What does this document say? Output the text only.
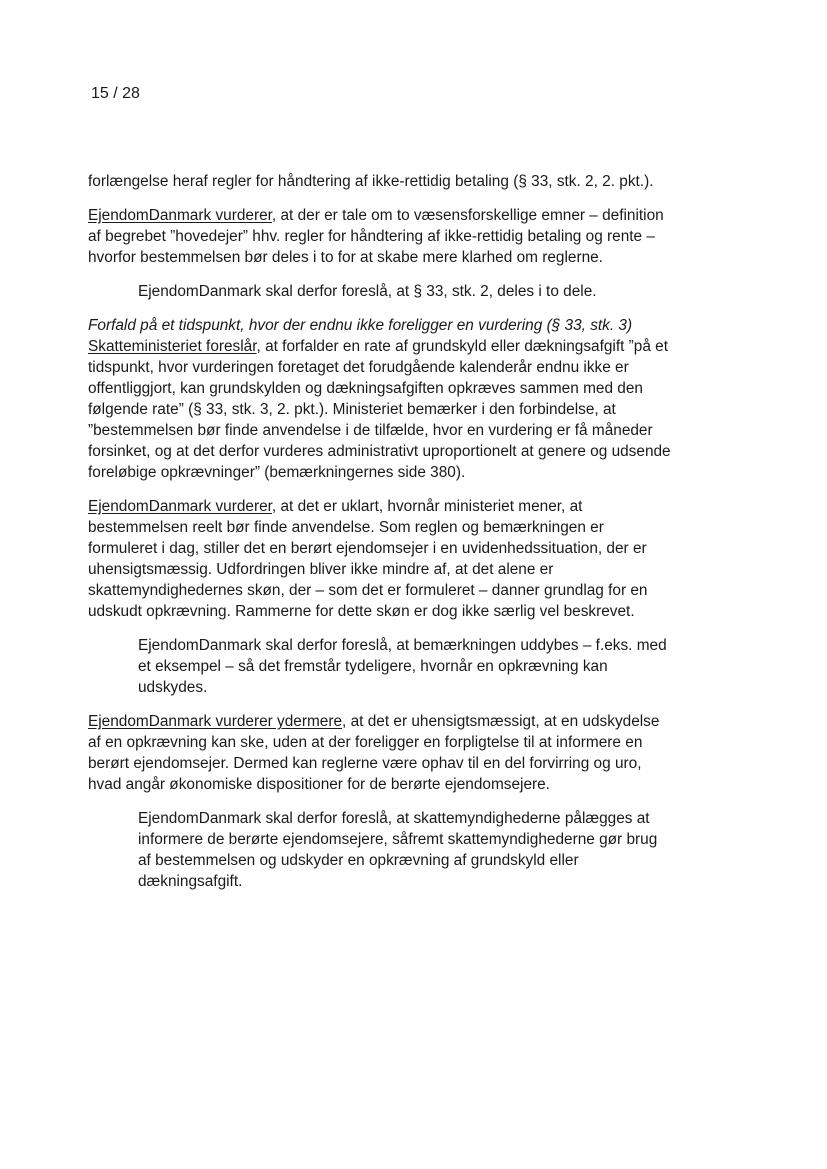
15 / 28

forlængelse heraf regler for håndtering af ikke-rettidig betaling (§ 33, stk. 2, 2. pkt.).

EjendomDanmark vurderer, at der er tale om to væsensforskellige emner – definition af begrebet ”hovedejer” hhv. regler for håndtering af ikke-rettidig betaling og rente – hvorfor bestemmelsen bør deles i to for at skabe mere klarhed om reglerne.

EjendomDanmark skal derfor foreslå, at § 33, stk. 2, deles i to dele.

Forfald på et tidspunkt, hvor der endnu ikke foreligger en vurdering (§ 33, stk. 3)

Skatteministeriet foreslår, at forfalder en rate af grundskyld eller dækningsafgift ”på et tidspunkt, hvor vurderingen foretaget det forudgående kalenderår endnu ikke er offentliggjort, kan grundskylden og dækningsafgiften opkræves sammen med den følgende rate” (§ 33, stk. 3, 2. pkt.). Ministeriet bemærker i den forbindelse, at ”bestemmelsen bør finde anvendelse i de tilfælde, hvor en vurdering er få måneder forsinket, og at det derfor vurderes administrativt uproportionelt at genere og udsende foreløbige opkrævninger” (bemærkningernes side 380).

EjendomDanmark vurderer, at det er uklart, hvornår ministeriet mener, at bestemmelsen reelt bør finde anvendelse. Som reglen og bemærkningen er formuleret i dag, stiller det en berørt ejendomsejer i en uvidenhedssituation, der er uhensigtsmæssig. Udfordringen bliver ikke mindre af, at det alene er skattemyndighedernes skøn, der – som det er formuleret – danner grundlag for en udskudt opkrævning. Rammerne for dette skøn er dog ikke særlig vel beskrevet.

EjendomDanmark skal derfor foreslå, at bemærkningen uddybes – f.eks. med et eksempel – så det fremstår tydeligere, hvornår en opkrævning kan udskydes.

EjendomDanmark vurderer ydermere, at det er uhensigtsmæssigt, at en udskydelse af en opkrævning kan ske, uden at der foreligger en forpligtelse til at informere en berørt ejendomsejer. Dermed kan reglerne være ophav til en del forvirring og uro, hvad angår økonomiske dispositioner for de berørte ejendomsejere.

EjendomDanmark skal derfor foreslå, at skattemyndighederne pålægges at informere de berørte ejendomsejere, såfremt skattemyndighederne gør brug af bestemmelsen og udskyder en opkrævning af grundskyld eller dækningsafgift.
